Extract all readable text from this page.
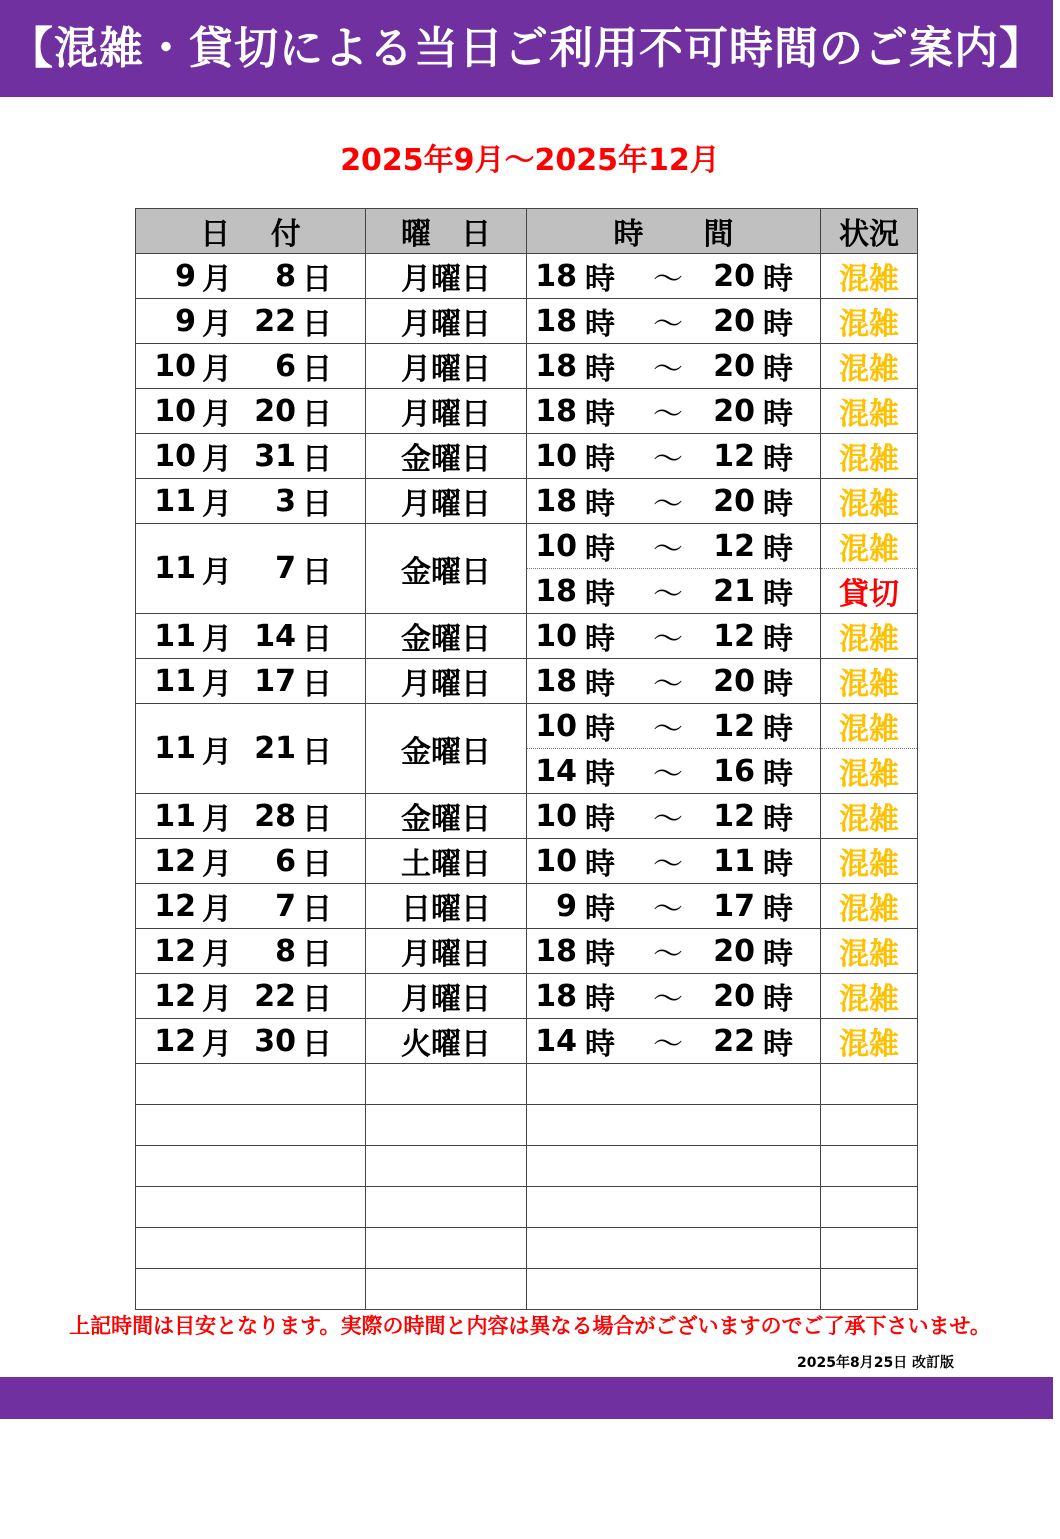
【混雑・貸切による当日ご利用不可時間のご案内】
2025年9月～2025年12月
日　 付	曜　日	時　　間	状況

9 月 8 日	月曜日	18 時 ～ 20 時	混雑

9 月 22 日	月曜日	18 時 ～ 20 時	混雑

10 月 6 日	月曜日	18 時 ～ 20 時	混雑

10 月 20 日	月曜日	18 時 ～ 20 時	混雑

10 月 31 日	金曜日	10 時 ～ 12 時	混雑

11 月 3 日	月曜日	18 時 ～ 20 時	混雑

11 月 7 日	金曜日	10 時 ～ 12 時	混雑

		18 時 ～ 21 時	貸切

11 月 14 日	金曜日	10 時 ～ 12 時	混雑

11 月 17 日	月曜日	18 時 ～ 20 時	混雑

11 月 21 日	金曜日	10 時 ～ 12 時	混雑

		14 時 ～ 16 時	混雑

11 月 28 日	金曜日	10 時 ～ 12 時	混雑

12 月 6 日	土曜日	10 時 ～ 11 時	混雑

12 月 7 日	日曜日	9 時 ～ 17 時	混雑

12 月 8 日	月曜日	18 時 ～ 20 時	混雑

12 月 22 日	月曜日	18 時 ～ 20 時	混雑

12 月 30 日	火曜日	14 時 ～ 22 時	混雑

上記時間は目安となります。実際の時間と内容は異なる場合がございますのでご了承下さいませ。
2025年8月25日 改訂版
